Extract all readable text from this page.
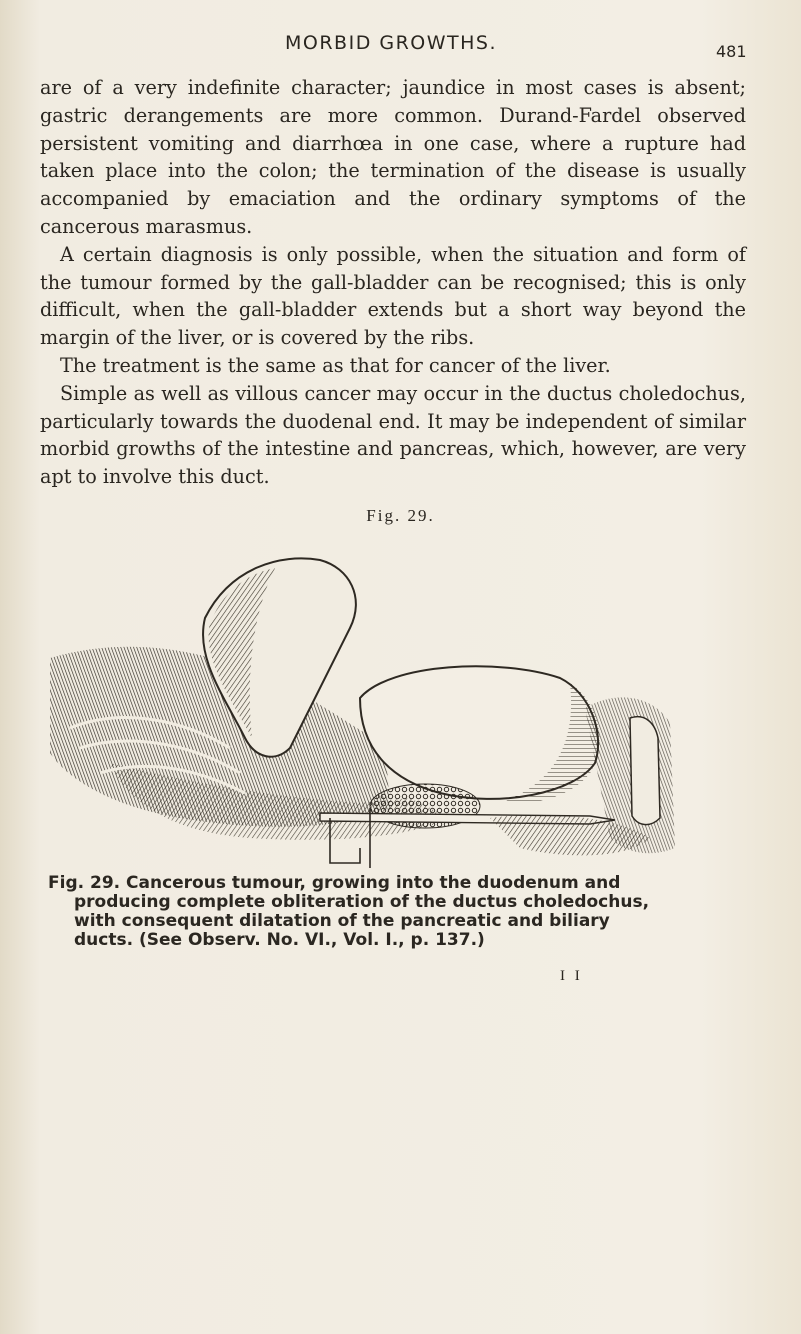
MORBID GROWTHS.	481

are of a very indefinite character; jaundice in most cases is absent; gastric derangements are more common. Durand-Fardel observed persistent vomiting and diarrhœa in one case, where a rupture had taken place into the colon; the termination of the disease is usually accompanied by emaciation and the ordinary symptoms of the cancerous marasmus.

A certain diagnosis is only possible, when the situation and form of the tumour formed by the gall-bladder can be recognised; this is only difficult, when the gall-bladder extends but a short way beyond the margin of the liver, or is covered by the ribs.

The treatment is the same as that for cancer of the liver.

Simple as well as villous cancer may occur in the ductus choledochus, particularly towards the duodenal end. It may be independent of similar morbid growths of the intestine and pancreas, which, however, are very apt to involve this duct.

Fig. 29.
Fig. 29. Cancerous tumour, growing into the duodenum and
producing complete obliteration of the ductus choledochus,
with consequent dilatation of the pancreatic and biliary
ducts. (See Observ. No. VI., Vol. I., p. 137.)
I I
